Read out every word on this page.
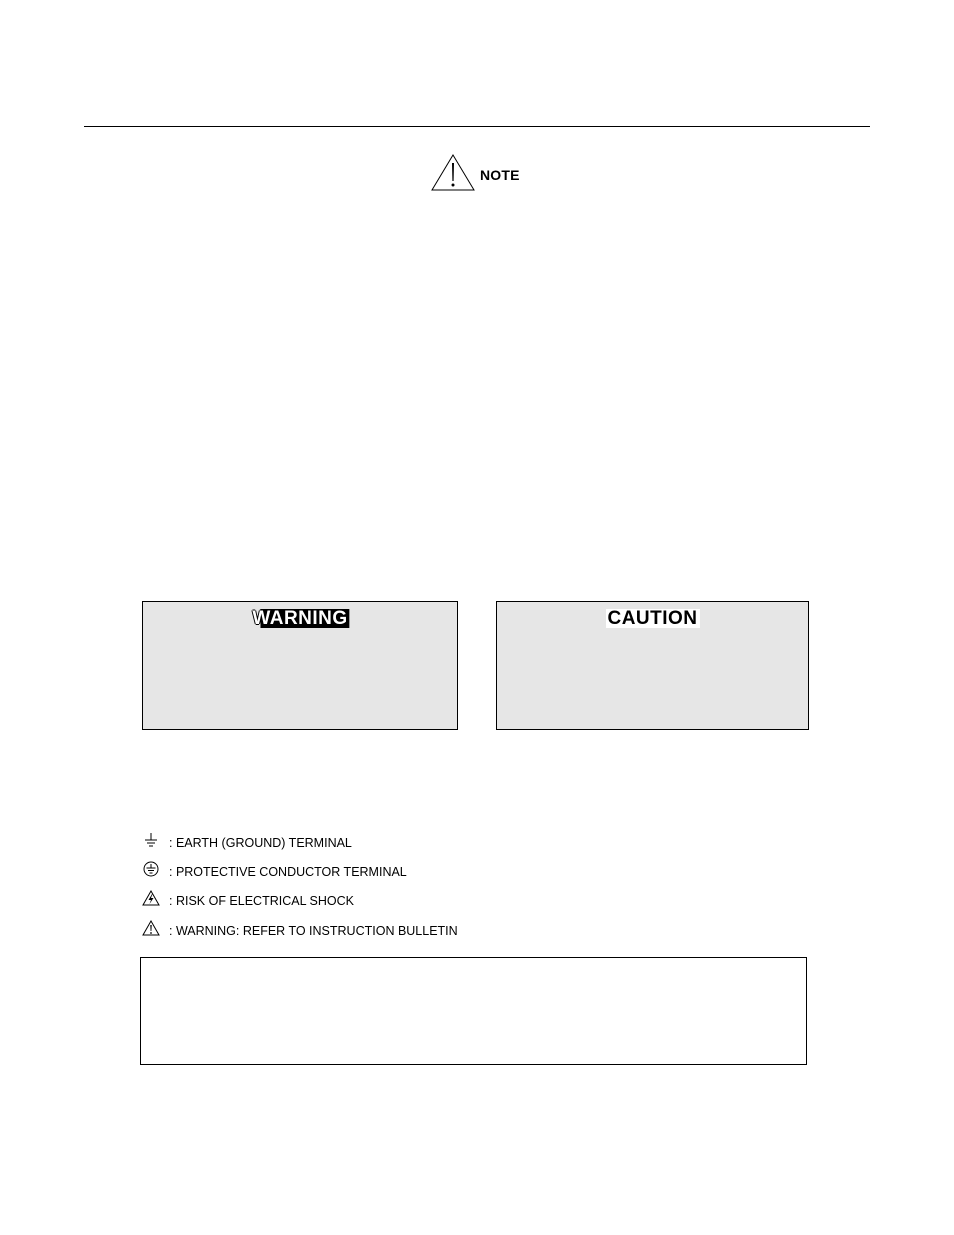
NOTE
WARNING	CAUTION
: EARTH (GROUND) TERMINAL
: PROTECTIVE CONDUCTOR TERMINAL
: RISK OF ELECTRICAL SHOCK
: WARNING: REFER TO INSTRUCTION BULLETIN
